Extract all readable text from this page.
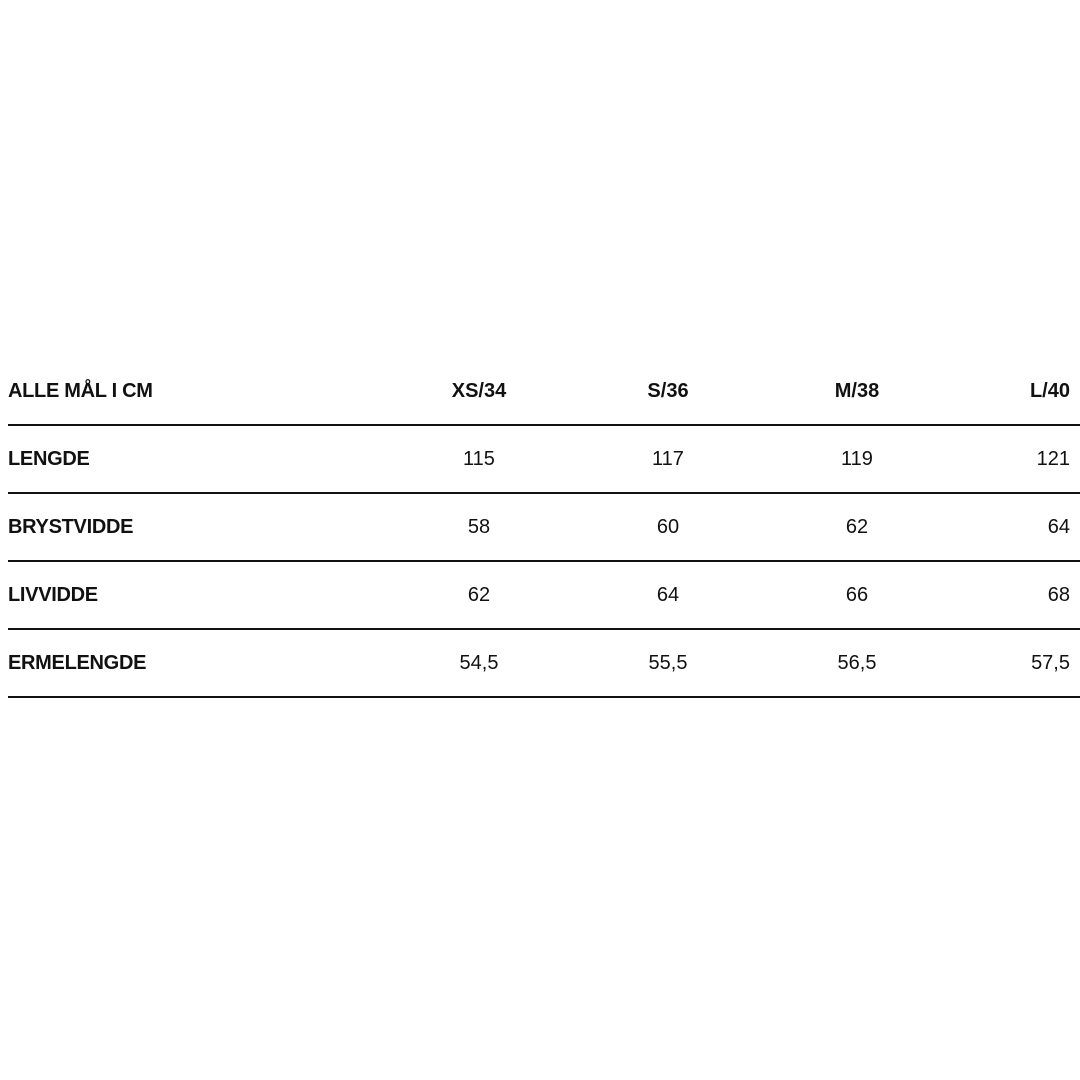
ALLE MÅL I CM	XS/34	S/36	M/38	L/40
LENGDE	115	117	119	121
BRYSTVIDDE	58	60	62	64
LIVVIDDE	62	64	66	68
ERMELENGDE	54,5	55,5	56,5	57,5
